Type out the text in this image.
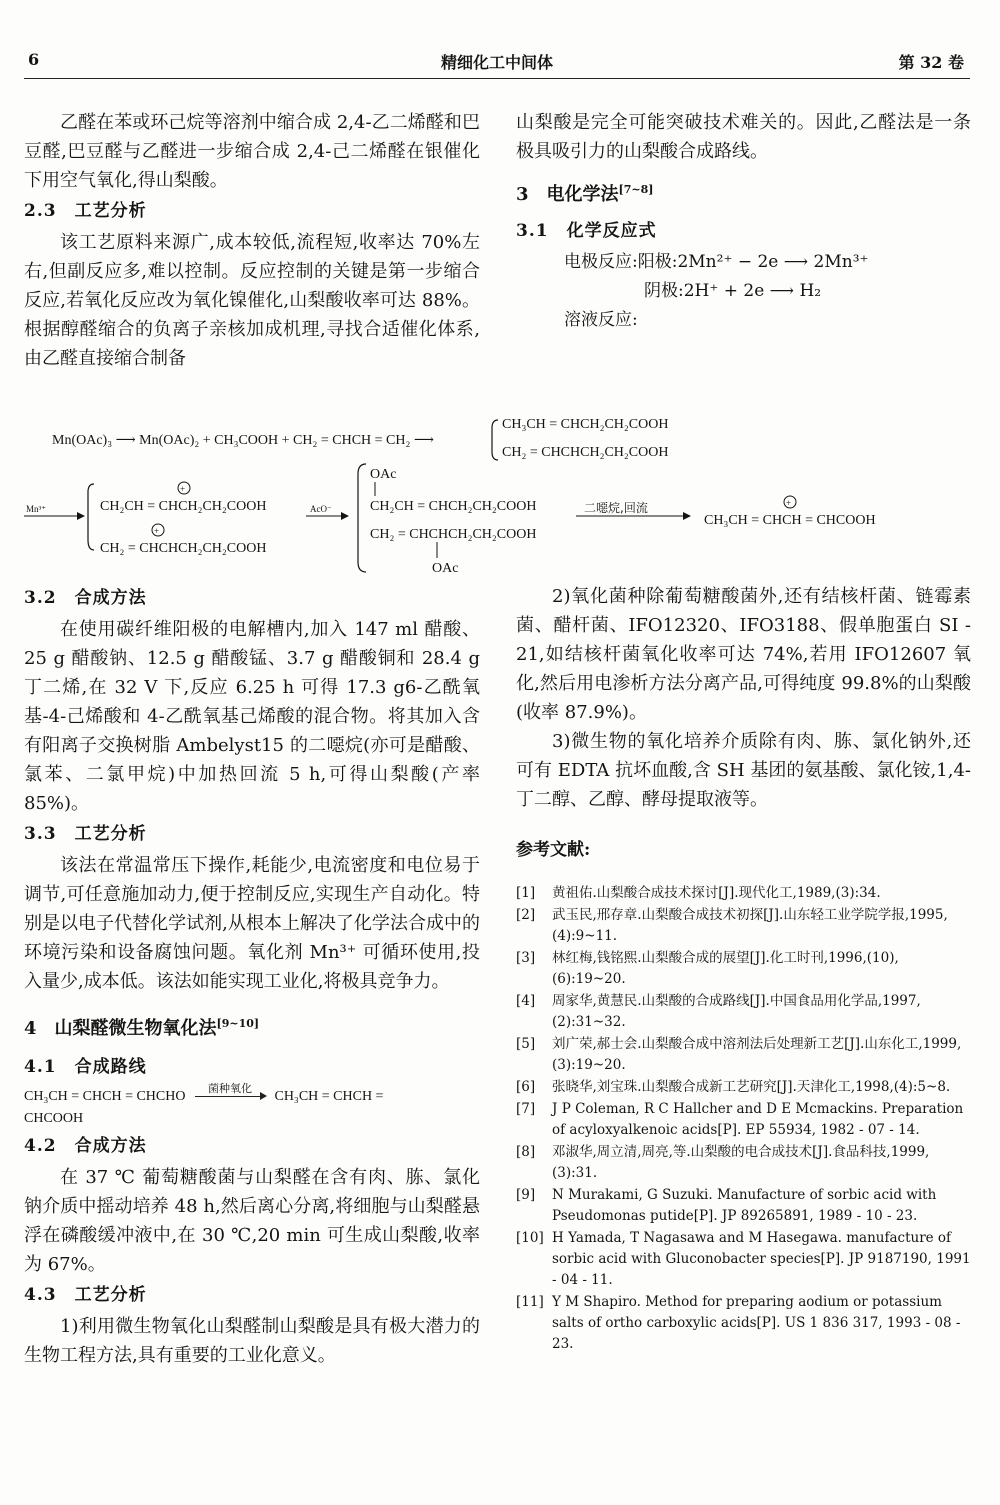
6	精细化工中间体	第 32 卷

乙醛在苯或环己烷等溶剂中缩合成 2,4-乙二烯醛和巴豆醛,巴豆醛与乙醛进一步缩合成 2,4-己二烯醛在银催化下用空气氧化,得山梨酸。

2.3　工艺分析

该工艺原料来源广,成本较低,流程短,收率达 70%左右,但副反应多,难以控制。反应控制的关键是第一步缩合反应,若氧化反应改为氧化镍催化,山梨酸收率可达 88%。根据醇醛缩合的负离子亲核加成机理,寻找合适催化体系,由乙醛直接缩合制备

山梨酸是完全可能突破技术难关的。因此,乙醛法是一条极具吸引力的山梨酸合成路线。

3　电化学法[7~8]

3.1　化学反应式

电极反应:阳极:2Mn²⁺ − 2e ⟶ 2Mn³⁺

阴极:2H⁺ + 2e ⟶ H₂

溶液反应:

Mn(OAc)₃ ⟶ Mn(OAc)₂ + CH₃COOH + CH₂ = CHCH = CH₂ ⟶
CH₃CH = CHCH₂CH₂COOH
CH₂ = CHCHCH₂CH₂COOH
Mn³⁺
+
CH₂CH = CHCH₂CH₂COOH
+
CH₂ = CHCHCH₂CH₂COOH
AcO⁻
OAc
CH₂CH = CHCH₂CH₂COOH
CH₂ = CHCHCH₂CH₂COOH
OAc
二噁烷,回流	+
CH₃CH = CHCH = CHCOOH

3.2　合成方法

在使用碳纤维阳极的电解槽内,加入 147 ml 醋酸、25 g 醋酸钠、12.5 g 醋酸锰、3.7 g 醋酸铜和 28.4 g 丁二烯,在 32 V 下,反应 6.25 h 可得 17.3 g6-乙酰氧基-4-己烯酸和 4-乙酰氧基己烯酸的混合物。将其加入含有阳离子交换树脂 Ambelyst15 的二噁烷(亦可是醋酸、氯苯、二氯甲烷)中加热回流 5 h,可得山梨酸(产率 85%)。

3.3　工艺分析

该法在常温常压下操作,耗能少,电流密度和电位易于调节,可任意施加动力,便于控制反应,实现生产自动化。特别是以电子代替化学试剂,从根本上解决了化学法合成中的环境污染和设备腐蚀问题。氧化剂 Mn³⁺ 可循环使用,投入量少,成本低。该法如能实现工业化,将极具竞争力。

4　山梨醛微生物氧化法[9~10]

4.1　合成路线

CH₃CH = CHCH = CHCHO
菌种氧化
CH₃CH = CHCH =
CHCOOH

4.2　合成方法

在 37 ℃ 葡萄糖酸菌与山梨醛在含有肉、胨、氯化钠介质中摇动培养 48 h,然后离心分离,将细胞与山梨醛悬浮在磷酸缓冲液中,在 30 ℃,20 min 可生成山梨酸,收率为 67%。

4.3　工艺分析

1)利用微生物氧化山梨醛制山梨酸是具有极大潜力的生物工程方法,具有重要的工业化意义。

2)氧化菌种除葡萄糖酸菌外,还有结核杆菌、链霉素菌、醋杆菌、IFO12320、IFO3188、假单胞蛋白 SI - 21,如结核杆菌氧化收率可达 74%,若用 IFO12607 氧化,然后用电渗析方法分离产品,可得纯度 99.8%的山梨酸(收率 87.9%)。

3)微生物的氧化培养介质除有肉、胨、氯化钠外,还可有 EDTA 抗坏血酸,含 SH 基团的氨基酸、氯化铵,1,4-丁二醇、乙醇、酵母提取液等。

参考文献:

[1]	黄祖佑.山梨酸合成技术探讨[J].现代化工,1989,(3):34.
[2]	武玉民,邢存章.山梨酸合成技术初探[J].山东轻工业学院学报,1995,(4):9~11.
[3]	林红梅,钱铭熙.山梨酸合成的展望[J].化工时刊,1996,(10),(6):19~20.
[4]	周家华,黄慧民.山梨酸的合成路线[J].中国食品用化学品,1997,(2):31~32.
[5]	刘广荣,郝士会.山梨酸合成中溶剂法后处理新工艺[J].山东化工,1999,(3):19~20.
[6]	张晓华,刘宝珠.山梨酸合成新工艺研究[J].天津化工,1998,(4):5~8.
[7]	J P Coleman, R C Hallcher and D E Mcmackins. Preparation of acyloxyalkenoic acids[P]. EP 55934, 1982 - 07 - 14.
[8]	邓淑华,周立清,周亮,等.山梨酸的电合成技术[J].食品科技,1999,(3):31.
[9]	N Murakami, G Suzuki. Manufacture of sorbic acid with Pseudomonas putide[P]. JP 89265891, 1989 - 10 - 23.
[10] H Yamada, T Nagasawa and M Hasegawa. manufacture of sorbic acid with Gluconobacter species[P]. JP 9187190, 1991 - 04 - 11.
[11] Y M Shapiro. Method for preparing aodium or potassium salts of ortho carboxylic acids[P]. US 1 836 317, 1993 - 08 - 23.
